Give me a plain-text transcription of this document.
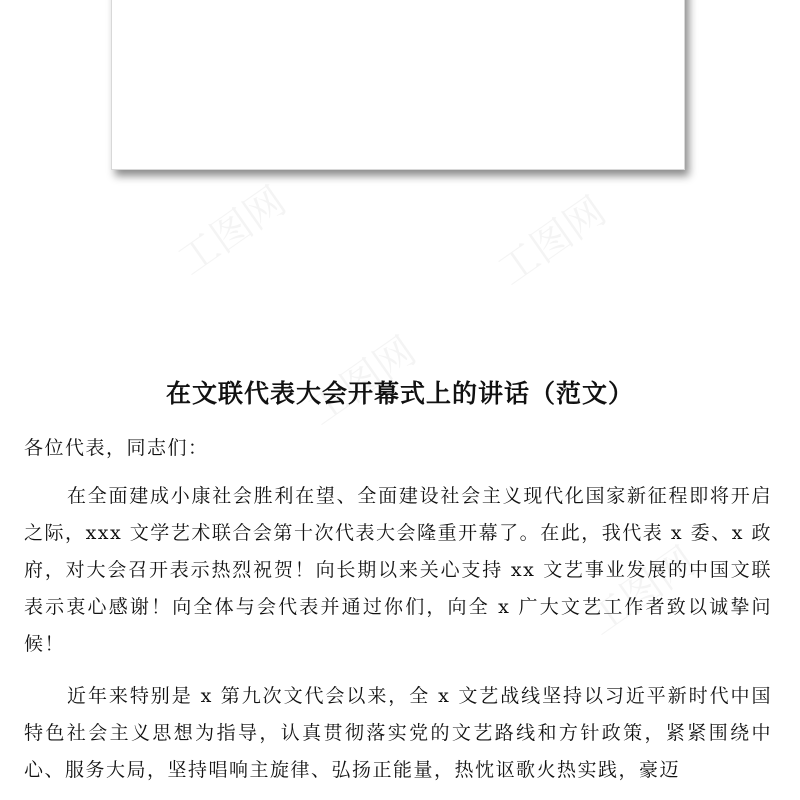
在文联代表大会开幕式上的讲话（范文）

各位代表，同志们：

在全面建成小康社会胜利在望、全面建设社会主义现代化国家新征程即将开启之际，xxx 文学艺术联合会第十次代表大会隆重开幕了。在此，我代表 x 委、x 政府，对大会召开表示热烈祝贺！向长期以来关心支持 xx 文艺事业发展的中国文联表示衷心感谢！向全体与会代表并通过你们，向全 x 广大文艺工作者致以诚挚问候！

近年来特别是 x 第九次文代会以来，全 x 文艺战线坚持以习近平新时代中国特色社会主义思想为指导，认真贯彻落实党的文艺路线和方针政策，紧紧围绕中心、服务大局，坚持唱响主旋律、弘扬正能量，热忱讴歌火热实践，豪迈
